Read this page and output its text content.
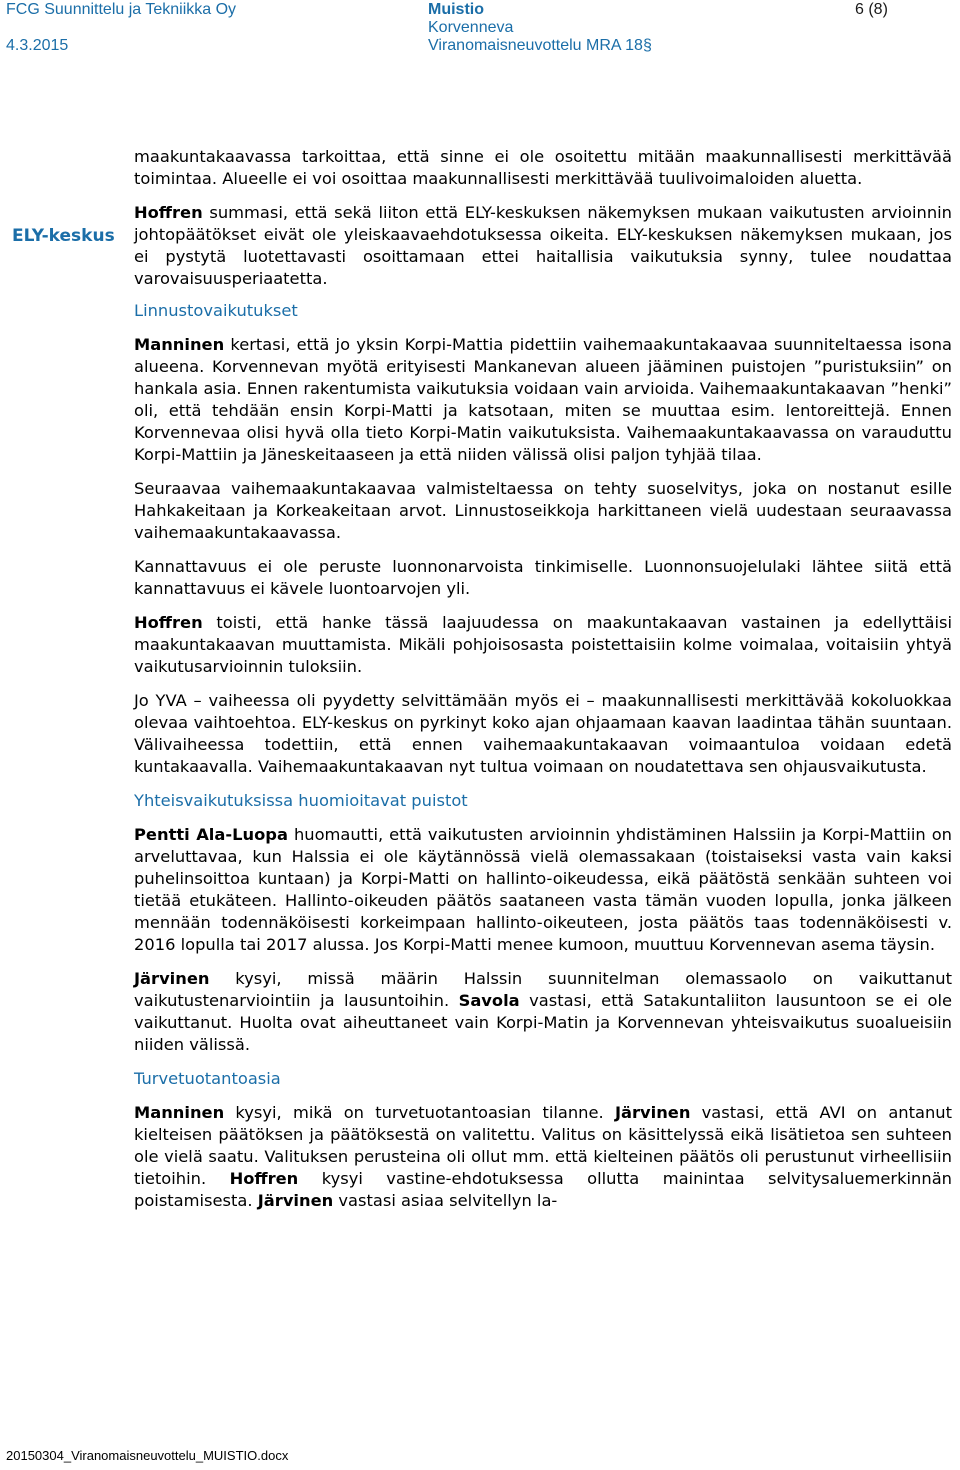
FCG Suunnittelu ja Tekniikka Oy
4.3.2015
Muistio
Korvenneva
Viranomaisneuvottelu MRA 18§
6 (8)
ELY-keskus

maakuntakaavassa tarkoittaa, että sinne ei ole osoitettu mitään maakunnallisesti merkittävää toimintaa. Alueelle ei voi osoittaa maakunnallisesti merkittävää tuulivoimaloiden aluetta.

Hoffren summasi, että sekä liiton että ELY-keskuksen näkemyksen mukaan vaikutusten arvioinnin johtopäätökset eivät ole yleiskaavaehdotuksessa oikeita. ELY-keskuksen näkemyksen mukaan, jos ei pystytä luotettavasti osoittamaan ettei haitallisia vaikutuksia synny, tulee noudattaa varovaisuusperiaatetta.

Linnustovaikutukset

Manninen kertasi, että jo yksin Korpi-Mattia pidettiin vaihemaakuntakaavaa suunniteltaessa isona alueena. Korvennevan myötä erityisesti Mankanevan alueen jääminen puistojen ”puristuksiin” on hankala asia. Ennen rakentumista vaikutuksia voidaan vain arvioida. Vaihemaakuntakaavan ”henki” oli, että tehdään ensin Korpi-Matti ja katsotaan, miten se muuttaa esim. lentoreittejä. Ennen Korvennevaa olisi hyvä olla tieto Korpi-Matin vaikutuksista. Vaihemaakuntakaavassa on varauduttu Korpi-Mattiin ja Jäneskeitaaseen ja että niiden välissä olisi paljon tyhjää tilaa.

Seuraavaa vaihemaakuntakaavaa valmisteltaessa on tehty suoselvitys, joka on nostanut esille Hahkakeitaan ja Korkeakeitaan arvot. Linnustoseikkoja harkittaneen vielä uudestaan seuraavassa vaihemaakuntakaavassa.

Kannattavuus ei ole peruste luonnonarvoista tinkimiselle. Luonnonsuojelulaki lähtee siitä että kannattavuus ei kävele luontoarvojen yli.

Hoffren toisti, että hanke tässä laajuudessa on maakuntakaavan vastainen ja edellyttäisi maakuntakaavan muuttamista. Mikäli pohjoisosasta poistettaisiin kolme voimalaa, voitaisiin yhtyä vaikutusarvioinnin tuloksiin.

Jo YVA – vaiheessa oli pyydetty selvittämään myös ei – maakunnallisesti merkittävää kokoluokkaa olevaa vaihtoehtoa. ELY-keskus on pyrkinyt koko ajan ohjaamaan kaavan laadintaa tähän suuntaan. Välivaiheessa todettiin, että ennen vaihemaakuntakaavan voimaantuloa voidaan edetä kuntakaavalla. Vaihemaakuntakaavan nyt tultua voimaan on noudatettava sen ohjausvaikutusta.

Yhteisvaikutuksissa huomioitavat puistot

Pentti Ala-Luopa huomautti, että vaikutusten arvioinnin yhdistäminen Halssiin ja Korpi-Mattiin on arveluttavaa, kun Halssia ei ole käytännössä vielä olemassakaan (toistaiseksi vasta vain kaksi puhelinsoittoa kuntaan) ja Korpi-Matti on hallinto-oikeudessa, eikä päätöstä senkään suhteen voi tietää etukäteen. Hallinto-oikeuden päätös saataneen vasta tämän vuoden lopulla, jonka jälkeen mennään todennäköisesti korkeimpaan hallinto-oikeuteen, josta päätös taas todennäköisesti v. 2016 lopulla tai 2017 alussa. Jos Korpi-Matti menee kumoon, muuttuu Korvennevan asema täysin.

Järvinen kysyi, missä määrin Halssin suunnitelman olemassaolo on vaikuttanut vaikutustenarviointiin ja lausuntoihin. Savola vastasi, että Satakuntaliiton lausuntoon se ei ole vaikuttanut. Huolta ovat aiheuttaneet vain Korpi-Matin ja Korvennevan yhteisvaikutus suoalueisiin niiden välissä.

Turvetuotantoasia

Manninen kysyi, mikä on turvetuotantoasian tilanne. Järvinen vastasi, että AVI on antanut kielteisen päätöksen ja päätöksestä on valitettu. Valitus on käsittelyssä eikä lisätietoa sen suhteen ole vielä saatu. Valituksen perusteina oli ollut mm. että kielteinen päätös oli perustunut virheellisiin tietoihin. Hoffren kysyi vastine-ehdotuksessa ollutta mainintaa selvitysaluemerkinnän poistamisesta. Järvinen vastasi asiaa selvitellyn la-

20150304_Viranomaisneuvottelu_MUISTIO.docx
